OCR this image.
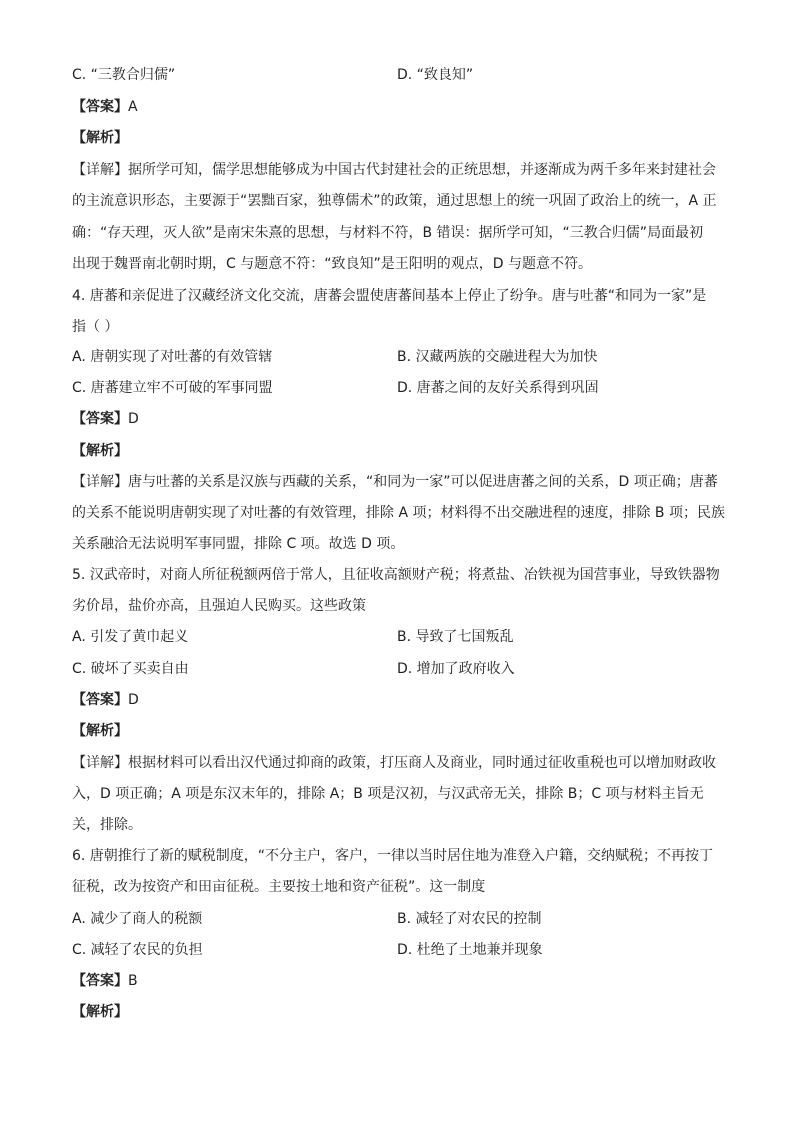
C. “三教合归儒”	D. “致良知”
【答案】A
【解析】
【详解】据所学可知，儒学思想能够成为中国古代封建社会的正统思想，并逐渐成为两千多年来封建社会
的主流意识形态，主要源于“罢黜百家，独尊儒术”的政策，通过思想上的统一巩固了政治上的统一，A 正
确：“存天理，灭人欲”是南宋朱熹的思想，与材料不符，B 错误：据所学可知，“三教合归儒”局面最初
出现于魏晋南北朝时期，C 与题意不符：“致良知”是王阳明的观点，D 与题意不符。
4. 唐蕃和亲促进了汉藏经济文化交流，唐蕃会盟使唐蕃间基本上停止了纷争。唐与吐蕃“和同为一家”是
指（ ）
A. 唐朝实现了对吐蕃的有效管辖	B. 汉藏两族的交融进程大为加快
C. 唐蕃建立牢不可破的军事同盟	D. 唐蕃之间的友好关系得到巩固
【答案】D
【解析】
【详解】唐与吐蕃的关系是汉族与西藏的关系，“和同为一家”可以促进唐蕃之间的关系，D 项正确；唐蕃
的关系不能说明唐朝实现了对吐蕃的有效管理，排除 A 项；材料得不出交融进程的速度，排除 B 项；民族
关系融洽无法说明军事同盟，排除 C 项。故选 D 项。
5. 汉武帝时，对商人所征税额两倍于常人，且征收高额财产税；将煮盐、冶铁视为国营事业，导致铁器物
劣价昂，盐价亦高，且强迫人民购买。这些政策
A. 引发了黄巾起义	B. 导致了七国叛乱
C. 破坏了买卖自由	D. 增加了政府收入
【答案】D
【解析】
【详解】根据材料可以看出汉代通过抑商的政策，打压商人及商业，同时通过征收重税也可以增加财政收
入，D 项正确；A 项是东汉末年的，排除 A；B 项是汉初，与汉武帝无关，排除 B；C 项与材料主旨无
关，排除。
6. 唐朝推行了新的赋税制度，“不分主户，客户，一律以当时居住地为准登入户籍，交纳赋税；不再按丁
征税，改为按资产和田亩征税。主要按土地和资产征税”。这一制度
A. 减少了商人的税额	B. 减轻了对农民的控制
C. 减轻了农民的负担	D. 杜绝了土地兼并现象
【答案】B
【解析】
